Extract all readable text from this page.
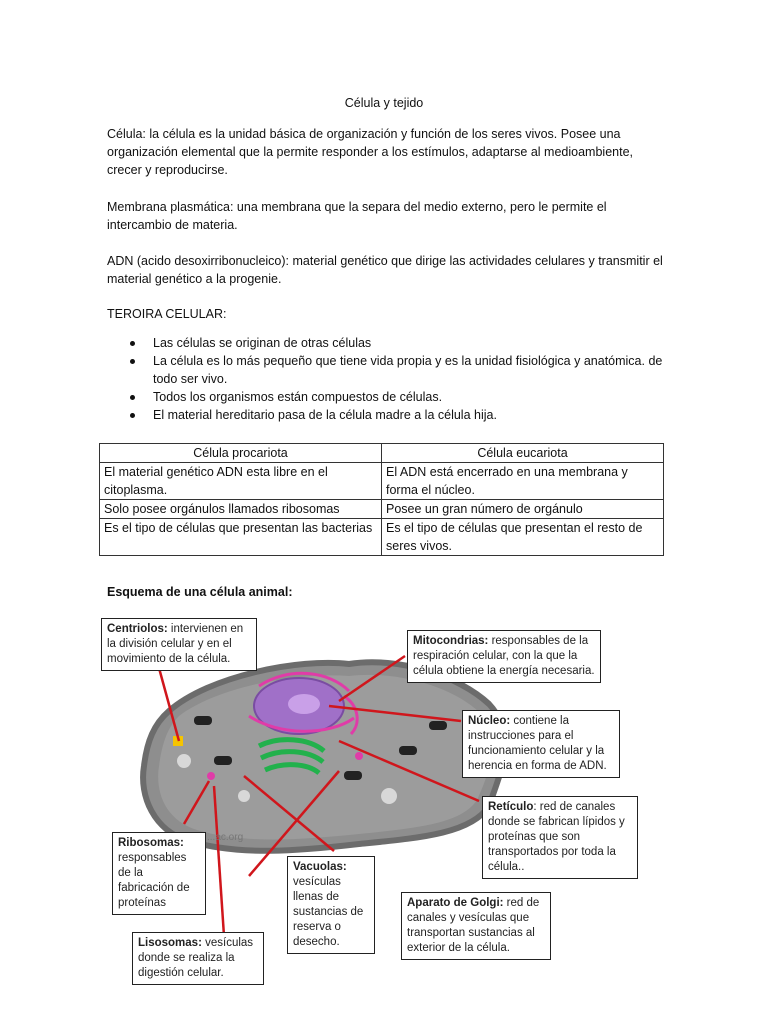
Célula y tejido
Célula: la célula es la unidad básica de organización y función de los seres vivos. Posee una organización elemental que la permite responder a los estímulos, adaptarse al medioambiente, crecer y reproducirse.
Membrana plasmática: una membrana que la separa del medio externo, pero le permite el intercambio de materia.
ADN (acido desoxirribonucleico): material genético que dirige las actividades celulares y transmitir el material genético a la progenie.
TEROIRA CELULAR:
Las células se originan de otras células
La célula es lo más pequeño que tiene vida propia y es la unidad fisiológica y anatómica. de todo ser vivo.
Todos los organismos están compuestos de células.
El material hereditario pasa de la célula madre a la célula hija.
Célula procariota	Célula eucariota
El material genético ADN esta libre en el citoplasma.	El ADN está encerrado en una membrana y forma el núcleo.
Solo posee orgánulos llamados ribosomas	Posee un gran número de orgánulo
Es el tipo de células que presentan las bacterias	Es el tipo de células que presentan el resto de seres vivos.
Esquema de una célula animal:
...ac.org
Centriolos: intervienen en la división celular y en el movimiento de la célula.
Mitocondrias: responsables de la respiración celular, con la que la célula obtiene la energía necesaria.
Núcleo: contiene la instrucciones para el funcionamiento celular y la herencia en forma de ADN.
Retículo: red de canales donde se fabrican lípidos y proteínas que son transportados por toda la célula..
Ribosomas: responsables de la fabricación de proteínas
Vacuolas: vesículas llenas de sustancias de reserva o desecho.
Aparato de Golgi: red de canales y vesículas que transportan sustancias al exterior de la célula.
Lisosomas: vesículas donde se realiza la digestión celular.
